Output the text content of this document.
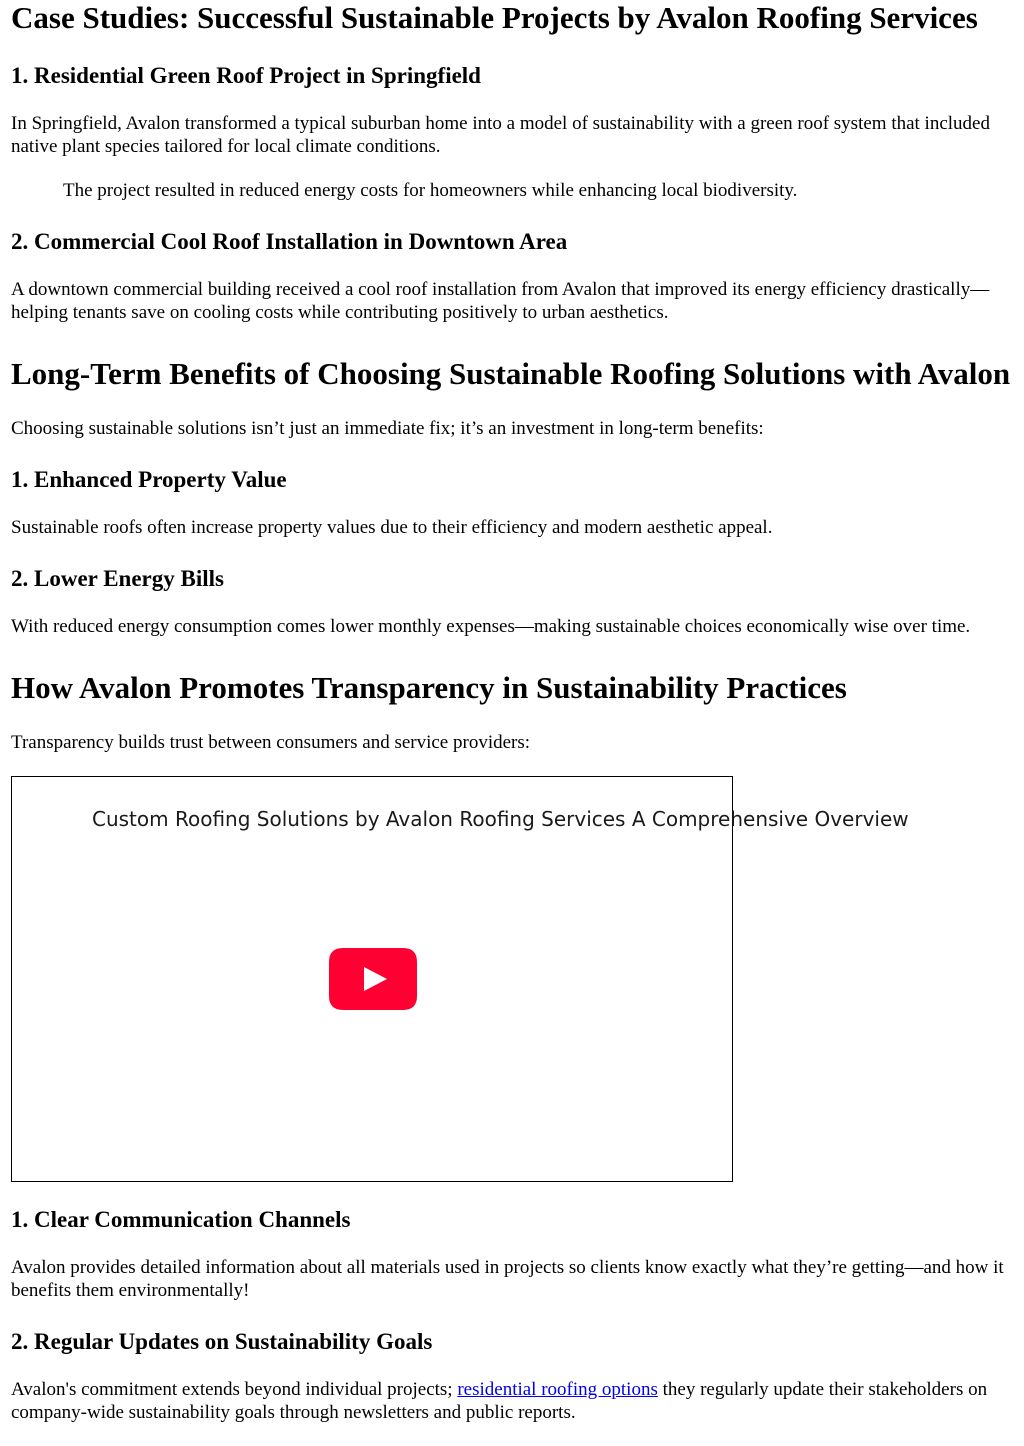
Case Studies: Successful Sustainable Projects by Avalon Roofing Services
1. Residential Green Roof Project in Springfield

In Springfield, Avalon transformed a typical suburban home into a model of sustainability with a green roof system that included native plant species tailored for local climate conditions.

The project resulted in reduced energy costs for homeowners while enhancing local biodiversity.
2. Commercial Cool Roof Installation in Downtown Area

A downtown commercial building received a cool roof installation from Avalon that improved its energy efficiency drastically—helping tenants save on cooling costs while contributing positively to urban aesthetics.

Long-Term Benefits of Choosing Sustainable Roofing Solutions with Avalon

Choosing sustainable solutions isn’t just an immediate fix; it’s an investment in long-term benefits:

1. Enhanced Property Value

Sustainable roofs often increase property values due to their efficiency and modern aesthetic appeal.

2. Lower Energy Bills

With reduced energy consumption comes lower monthly expenses—making sustainable choices economically wise over time.

How Avalon Promotes Transparency in Sustainability Practices

Transparency builds trust between consumers and service providers:

Custom Roofing Solutions by Avalon Roofing Services A Comprehensive Overview
1. Clear Communication Channels

Avalon provides detailed information about all materials used in projects so clients know exactly what they’re getting—and how it benefits them environmentally!

2. Regular Updates on Sustainability Goals

Avalon's commitment extends beyond individual projects; residential roofing options they regularly update their stakeholders on company-wide sustainability goals through newsletters and public reports.
